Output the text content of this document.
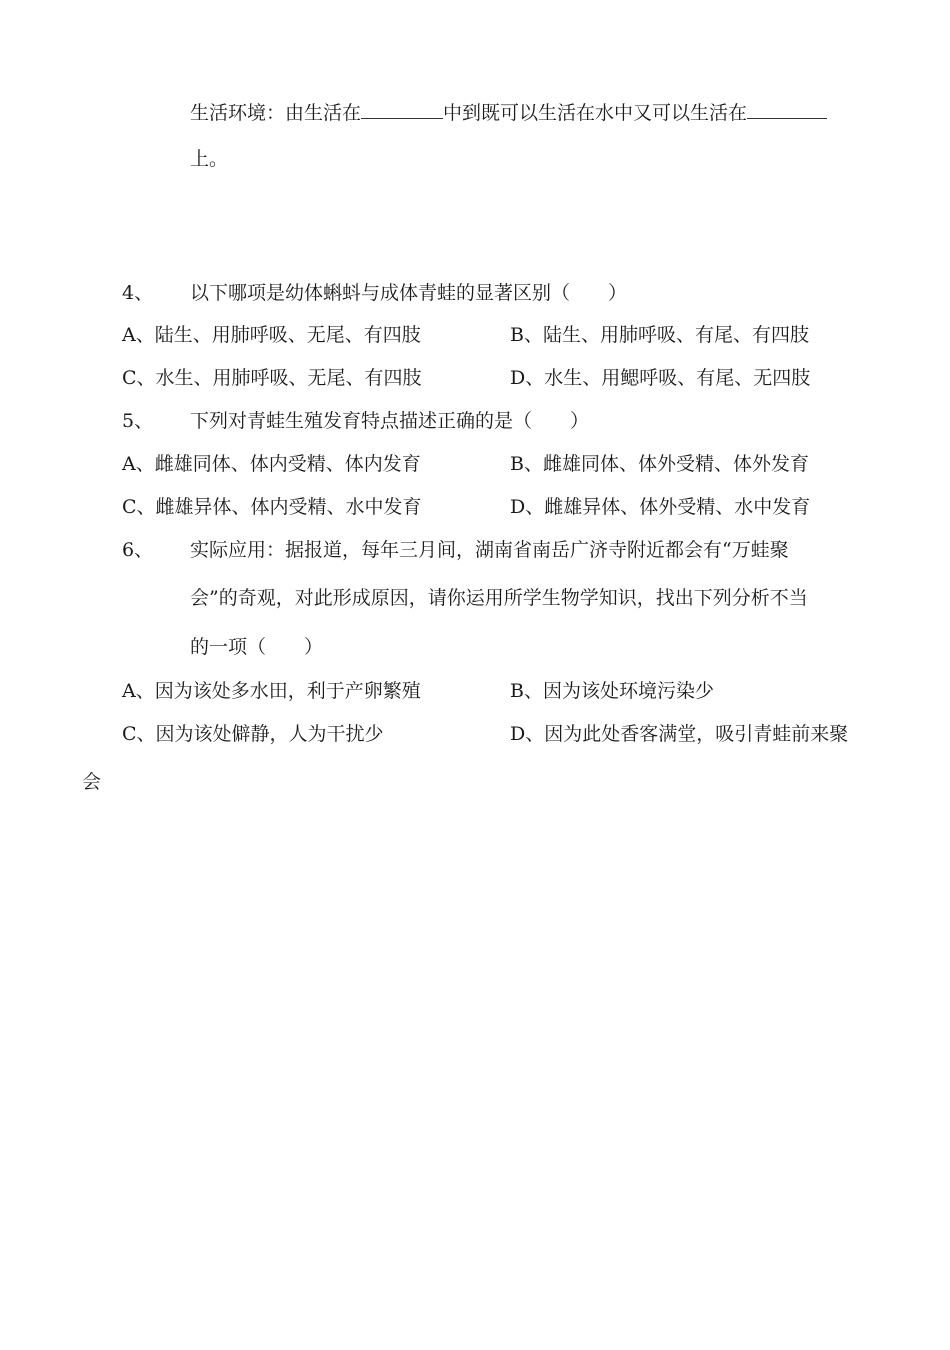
生活环境：由生活在	中到既可以生活在水中又可以生活在
上。
4、 以下哪项是幼体蝌蚪与成体青蛙的显著区别（　　）
A、陆生、用肺呼吸、无尾、有四肢	B、陆生、用肺呼吸、有尾、有四肢
C、水生、用肺呼吸、无尾、有四肢	D、水生、用鳃呼吸、有尾、无四肢
5、 下列对青蛙生殖发育特点描述正确的是（　　）
A、雌雄同体、体内受精、体内发育	B、雌雄同体、体外受精、体外发育
C、雌雄异体、体内受精、水中发育	D、雌雄异体、体外受精、水中发育
6、 实际应用：据报道，每年三月间，湖南省南岳广济寺附近都会有“万蛙聚
会”的奇观，对此形成原因，请你运用所学生物学知识，找出下列分析不当
的一项（　　）
A、因为该处多水田，利于产卵繁殖	B、因为该处环境污染少
C、因为该处僻静，人为干扰少	D、因为此处香客满堂，吸引青蛙前来聚
会
